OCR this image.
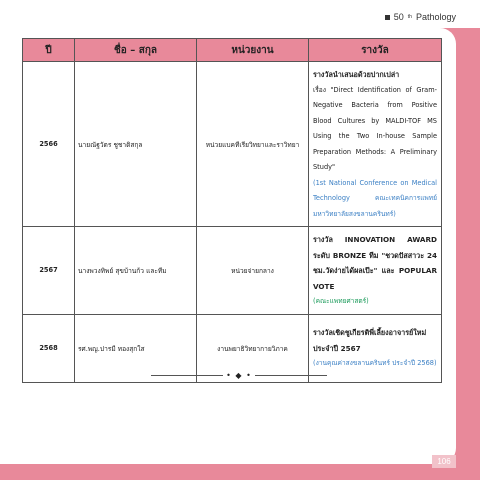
50 th Pathology
ปี	ชื่อ – สกุล	หน่วยงาน	รางวัล
2566	นายณัฐวัตร ชูชาติสกุล	หน่วยแบคทีเรียวิทยาและราวิทยา	รางวัลนำเสนอด้วยปากเปล่า
เรื่อง "Direct Identification of Gram-Negative Bacteria from Positive Blood Cultures by MALDI-TOF MS Using the Two In-house Sample Preparation Methods: A Preliminary Study"
(1st National Conference on Medical Technology คณะเทคนิคการแพทย์ มหาวิทยาลัยสงขลานครินทร์)

2567	นางพวงทิพย์ สุขบ้านก้ว และทีม	หน่วยจ่ายกลาง	รางวัล INNOVATION AWARD ระดับ BRONZE ทีม "ชวดปัสสาวะ 24 ชม.วัดง่ายได้ผลเป๊ะ" และ POPULAR VOTE
(คณะแพทยศาสตร์)

2568	รศ.พญ.ปารมี ทองสุกใส	งานพยาธิวิทยากายวิภาค	รางวัลเชิดชูเกียรติพี่เลี้ยงอาจารย์ใหม่ ประจำปี 2567
(งานคุณค่าสงขลานครินทร์ ประจำปี 2568)
• ◆ •
106
